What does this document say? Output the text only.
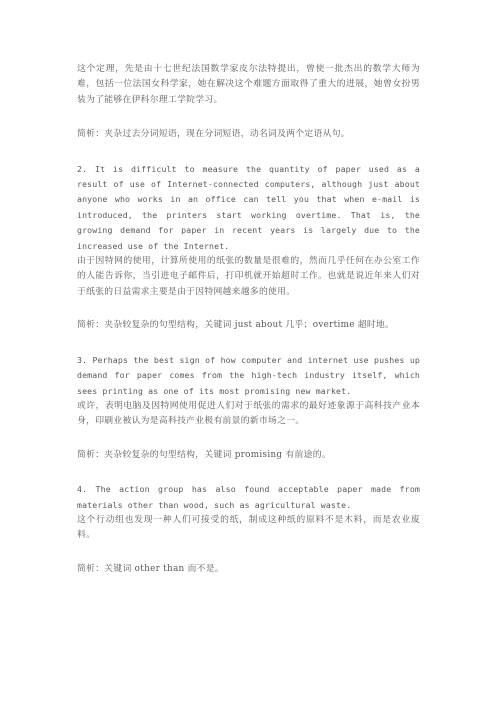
这个定理，先是由十七世纪法国数学家皮尔法特提出，曾使一批杰出的数学大师为难，包括一位法国女科学家，她在解决这个难题方面取得了重大的进展，她曾女扮男装为了能够在伊科尔理工学院学习。

简析：夹杂过去分词短语，现在分词短语，动名词及两个定语从句。

2. It is difficult to measure the quantity of paper used as a result of use of Internet-connected computers, although just about anyone who works in an office can tell you that when e-mail is introduced, the printers start working overtime. That is, the growing demand for paper in recent years is largely due to the increased use of the Internet.

由于因特网的使用，计算所使用的纸张的数量是很难的，然而几乎任何在办公室工作的人能告诉你，当引进电子邮件后，打印机就开始超时工作。也就是说近年来人们对于纸张的日益需求主要是由于因特网越来越多的使用。

简析：夹杂较复杂的句型结构，关键词 just about 几乎；overtime 超时地。

3. Perhaps the best sign of how computer and internet use pushes up demand for paper comes from the high-tech industry itself, which sees printing as one of its most promising new market.

或许，表明电脑及因特网使用促进人们对于纸张的需求的最好迹象源于高科技产业本身，印刷业被认为是高科技产业极有前景的新市场之一。

简析：夹杂较复杂的句型结构，关键词 promising 有前途的。

4. The action group has also found acceptable paper made from materials other than wood, such as agricultural waste.

这个行动组也发现一种人们可接受的纸，制成这种纸的原料不是木料，而是农业废料。

简析：关键词 other than 而不是。
